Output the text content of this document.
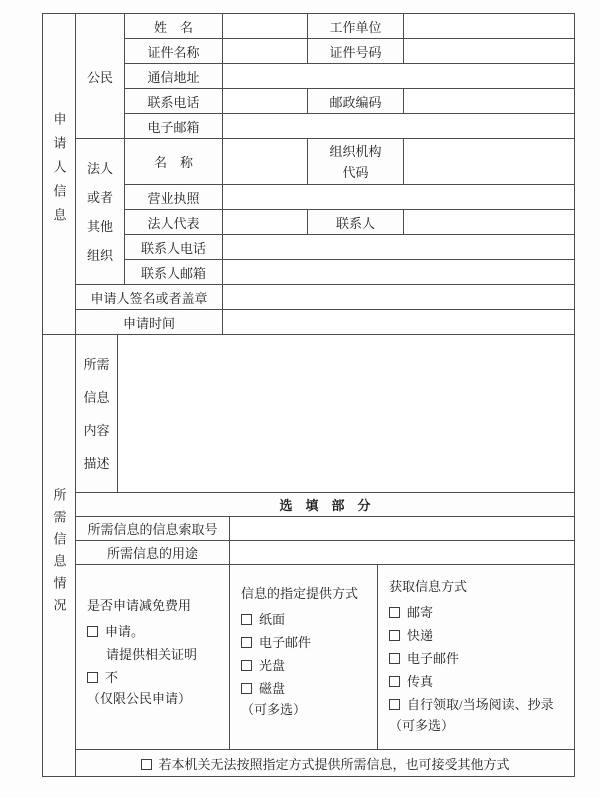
申请人信息	公民	姓　名		工作单位	
		证件名称		证件号码	
		通信地址			
		联系电话		邮政编码	
		电子邮箱			
	法人或者其他组织	名　称		组织机构代码	
		营业执照			
		法人代表		联系人	
		联系人电话			
		联系人邮箱			
	申请人签名或者盖章				
	申请时间				
所需信息情况	所需信息内容描述			
	选　填　部　分			
	所需信息的信息索取号			
	所需信息的用途			

是否申请减免费用
申请。
请提供相关证明
不
（仅限公民申请）

信息的指定提供方式
纸面
电子邮件
光盘
磁盘
（可多选）

获取信息方式
邮寄
快递
电子邮件
传真
自行领取/当场阅读、抄录
（可多选）

	若本机关无法按照指定方式提供所需信息，也可接受其他方式			
